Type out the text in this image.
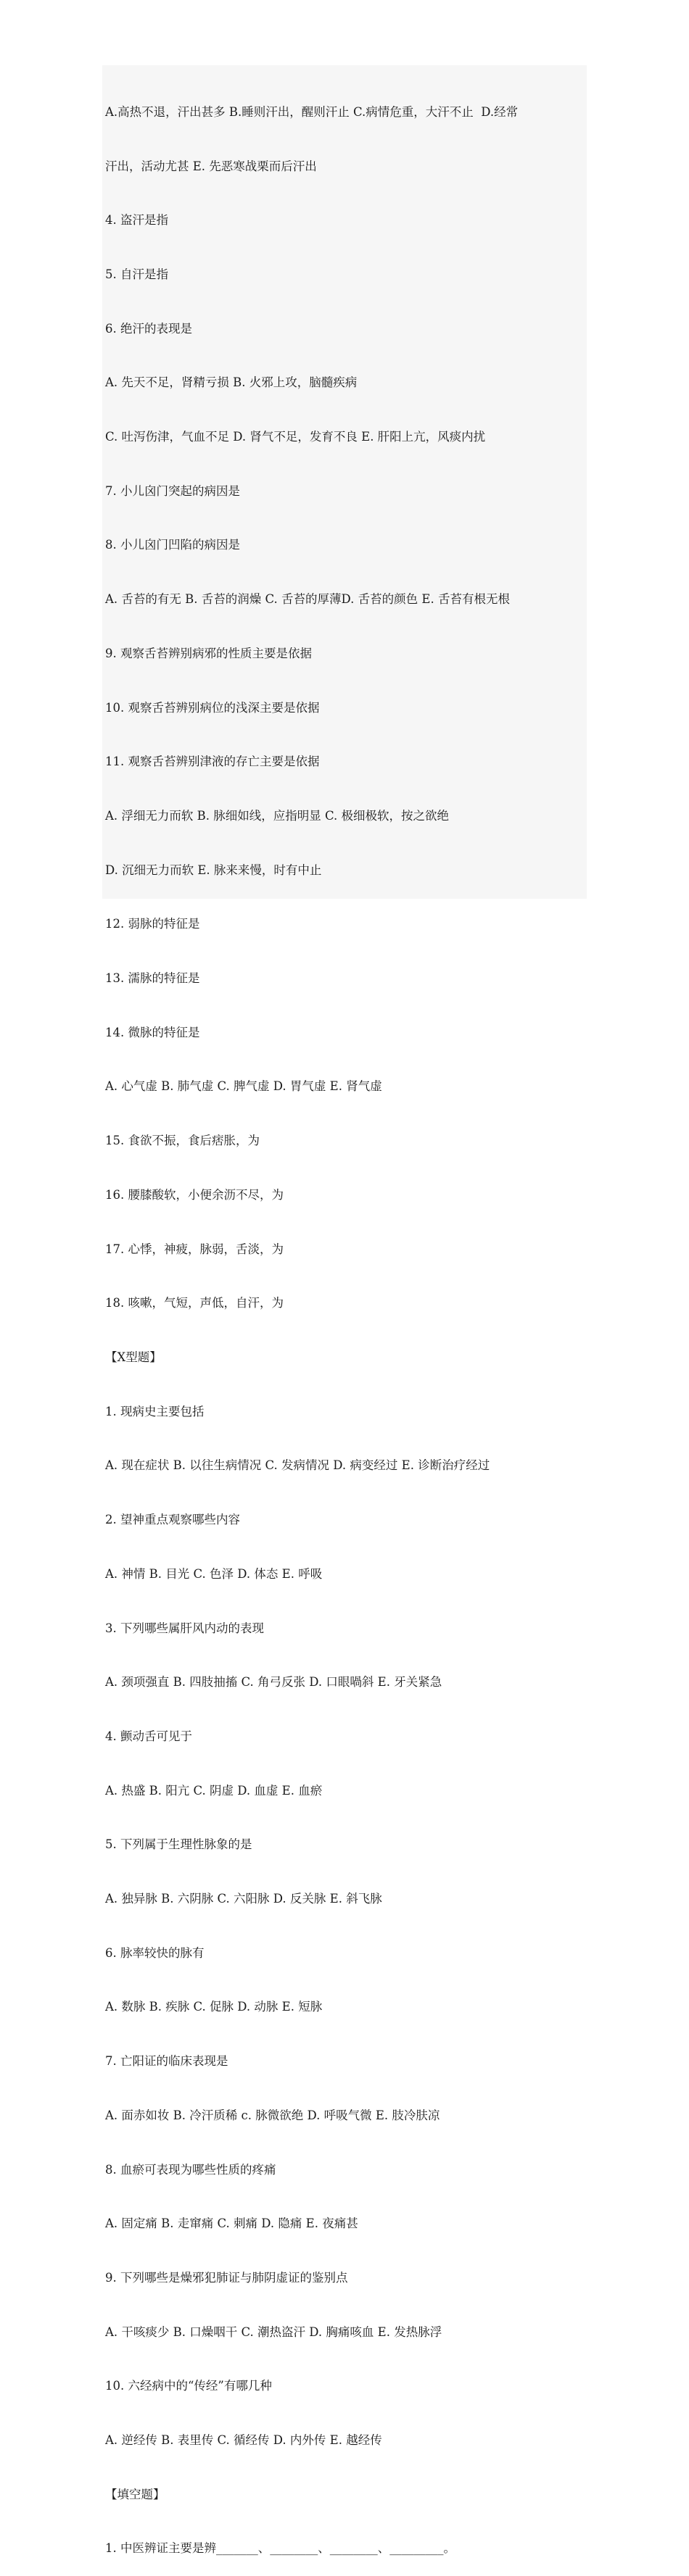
A.高热不退，汗出甚多 B.睡则汗出，醒则汗止 C.病情危重，大汗不止  D.经常

汗出，活动尤甚 E. 先恶寒战栗而后汗出

4. 盗汗是指

5. 自汗是指

6. 绝汗的表现是

A. 先天不足，肾精亏损 B. 火邪上攻，脑髓疾病

C. 吐泻伤津，气血不足 D. 肾气不足，发育不良 E. 肝阳上亢，风痰内扰

7. 小儿囟门突起的病因是

8. 小儿囟门凹陷的病因是

A. 舌苔的有无 B. 舌苔的润燥 C. 舌苔的厚薄D. 舌苔的颜色 E. 舌苔有根无根

9. 观察舌苔辨别病邪的性质主要是依据

10. 观察舌苔辨别病位的浅深主要是依据

11. 观察舌苔辨别津液的存亡主要是依据

A. 浮细无力而软 B. 脉细如线，应指明显 C. 极细极软，按之欲绝

D. 沉细无力而软 E. 脉来来慢，时有中止

12. 弱脉的特征是

13. 濡脉的特征是

14. 微脉的特征是

A. 心气虚 B. 肺气虚 C. 脾气虚 D. 胃气虚 E. 肾气虚

15. 食欲不振，食后痞胀，为

16. 腰膝酸软，小便余沥不尽，为

17. 心悸，神疲，脉弱，舌淡，为

18. 咳嗽，气短，声低，自汗，为

【X型题】

1. 现病史主要包括

A. 现在症状 B. 以往生病情况 C. 发病情况 D. 病变经过 E. 诊断治疗经过

2. 望神重点观察哪些内容

A. 神情 B. 目光 C. 色泽 D. 体态 E. 呼吸

3. 下列哪些属肝风内动的表现

A. 颈项强直 B. 四肢抽搐 C. 角弓反张 D. 口眼喎斜 E. 牙关紧急

4. 颤动舌可见于

A. 热盛 B. 阳亢 C. 阴虚 D. 血虚 E. 血瘀

5. 下列属于生理性脉象的是

A. 独异脉 B. 六阴脉 C. 六阳脉 D. 反关脉 E. 斜飞脉

6. 脉率较快的脉有

A. 数脉 B. 疾脉 C. 促脉 D. 动脉 E. 短脉

7. 亡阳证的临床表现是

A. 面赤如妆 B. 冷汗质稀 c. 脉微欲绝 D. 呼吸气微 E. 肢冷肤凉

8. 血瘀可表现为哪些性质的疼痛

A. 固定痛 B. 走窜痛 C. 刺痛 D. 隐痛 E. 夜痛甚

9. 下列哪些是燥邪犯肺证与肺阴虚证的鉴别点

A. 干咳痰少 B. 口燥咽干 C. 潮热盗汗 D. 胸痛咳血 E. 发热脉浮

10. 六经病中的“传经”有哪几种

A. 逆经传 B. 表里传 C. 循经传 D. 内外传 E. 越经传

【填空题】

1. 中医辨证主要是辨_______、________、________、_________。
